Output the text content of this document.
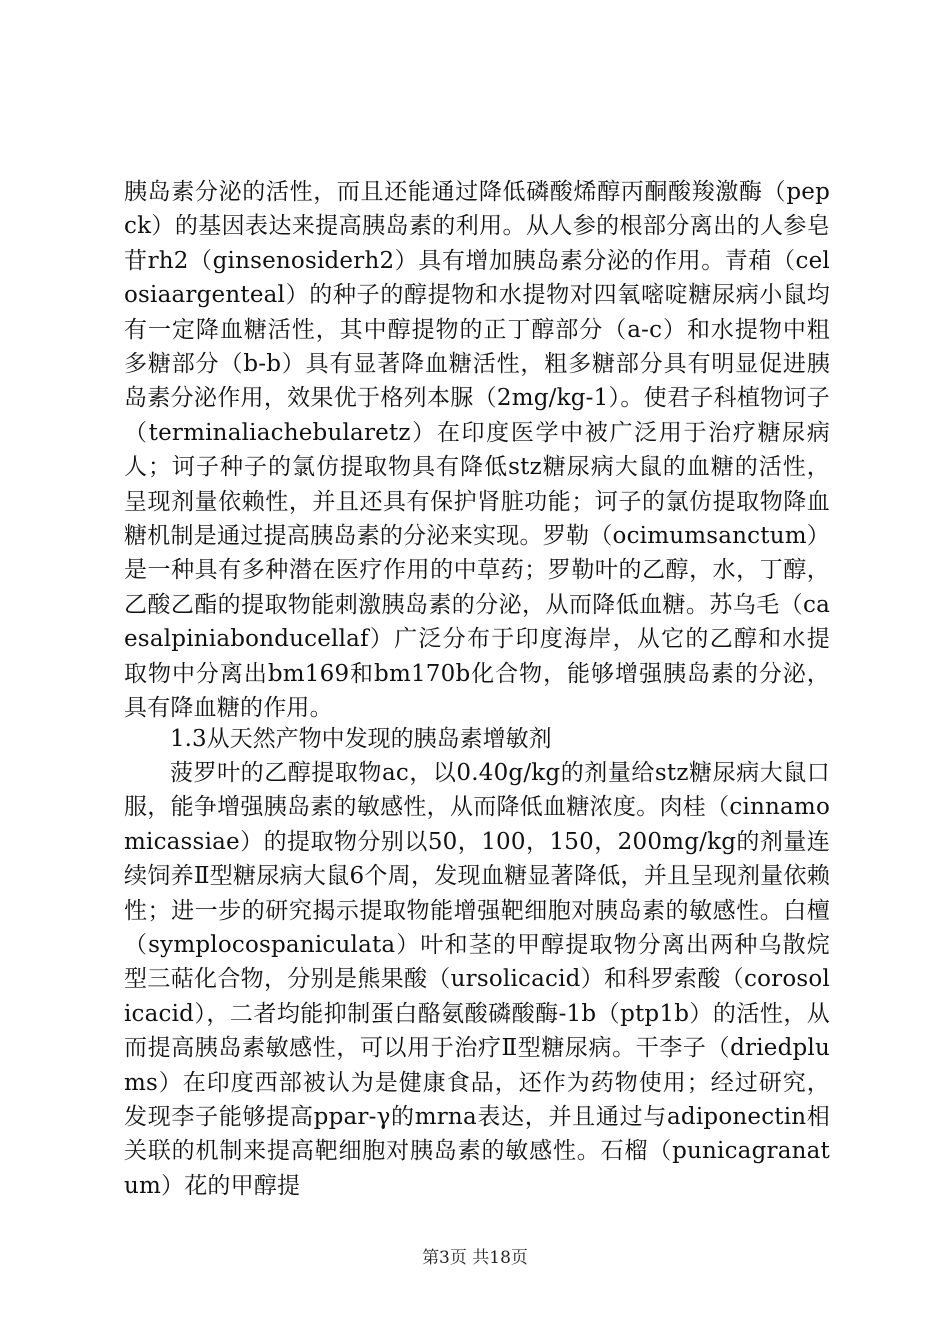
胰岛素分泌的活性，而且还能通过降低磷酸烯醇丙酮酸羧激酶（pepck）的基因表达来提高胰岛素的利用。从人参的根部分离出的人参皂苷rh2（ginsenosiderh2）具有增加胰岛素分泌的作用。青葙（celosiaargenteal）的种子的醇提物和水提物对四氧嘧啶糖尿病小鼠均有一定降血糖活性，其中醇提物的正丁醇部分（a-c）和水提物中粗多糖部分（b-b）具有显著降血糖活性，粗多糖部分具有明显促进胰岛素分泌作用，效果优于格列本脲（2mg/kg-1）。使君子科植物诃子（terminaliachebularetz）在印度医学中被广泛用于治疗糖尿病人；诃子种子的氯仿提取物具有降低stz糖尿病大鼠的血糖的活性，呈现剂量依赖性，并且还具有保护肾脏功能；诃子的氯仿提取物降血糖机制是通过提高胰岛素的分泌来实现。罗勒（ocimumsanctum）是一种具有多种潜在医疗作用的中草药；罗勒叶的乙醇，水，丁醇，乙酸乙酯的提取物能刺激胰岛素的分泌，从而降低血糖。苏乌毛（caesalpiniabonducellaf）广泛分布于印度海岸，从它的乙醇和水提取物中分离出bm169和bm170b化合物，能够增强胰岛素的分泌，具有降血糖的作用。

1.3从天然产物中发现的胰岛素增敏剂

菠罗叶的乙醇提取物ac，以0.40g/kg的剂量给stz糖尿病大鼠口服，能争增强胰岛素的敏感性，从而降低血糖浓度。肉桂（cinnamomicassiae）的提取物分别以50，100，150，200mg/kg的剂量连续饲养Ⅱ型糖尿病大鼠6个周，发现血糖显著降低，并且呈现剂量依赖性；进一步的研究揭示提取物能增强靶细胞对胰岛素的敏感性。白檀（symplocospaniculata）叶和茎的甲醇提取物分离出两种乌散烷型三萜化合物，分别是熊果酸（ursolicacid）和科罗索酸（corosolicacid），二者均能抑制蛋白酪氨酸磷酸酶-1b（ptp1b）的活性，从而提高胰岛素敏感性，可以用于治疗Ⅱ型糖尿病。干李子（driedplums）在印度西部被认为是健康食品，还作为药物使用；经过研究，发现李子能够提高ppar-γ的mrna表达，并且通过与adiponectin相关联的机制来提高靶细胞对胰岛素的敏感性。石榴（punicagranatum）花的甲醇提

第3页 共18页
